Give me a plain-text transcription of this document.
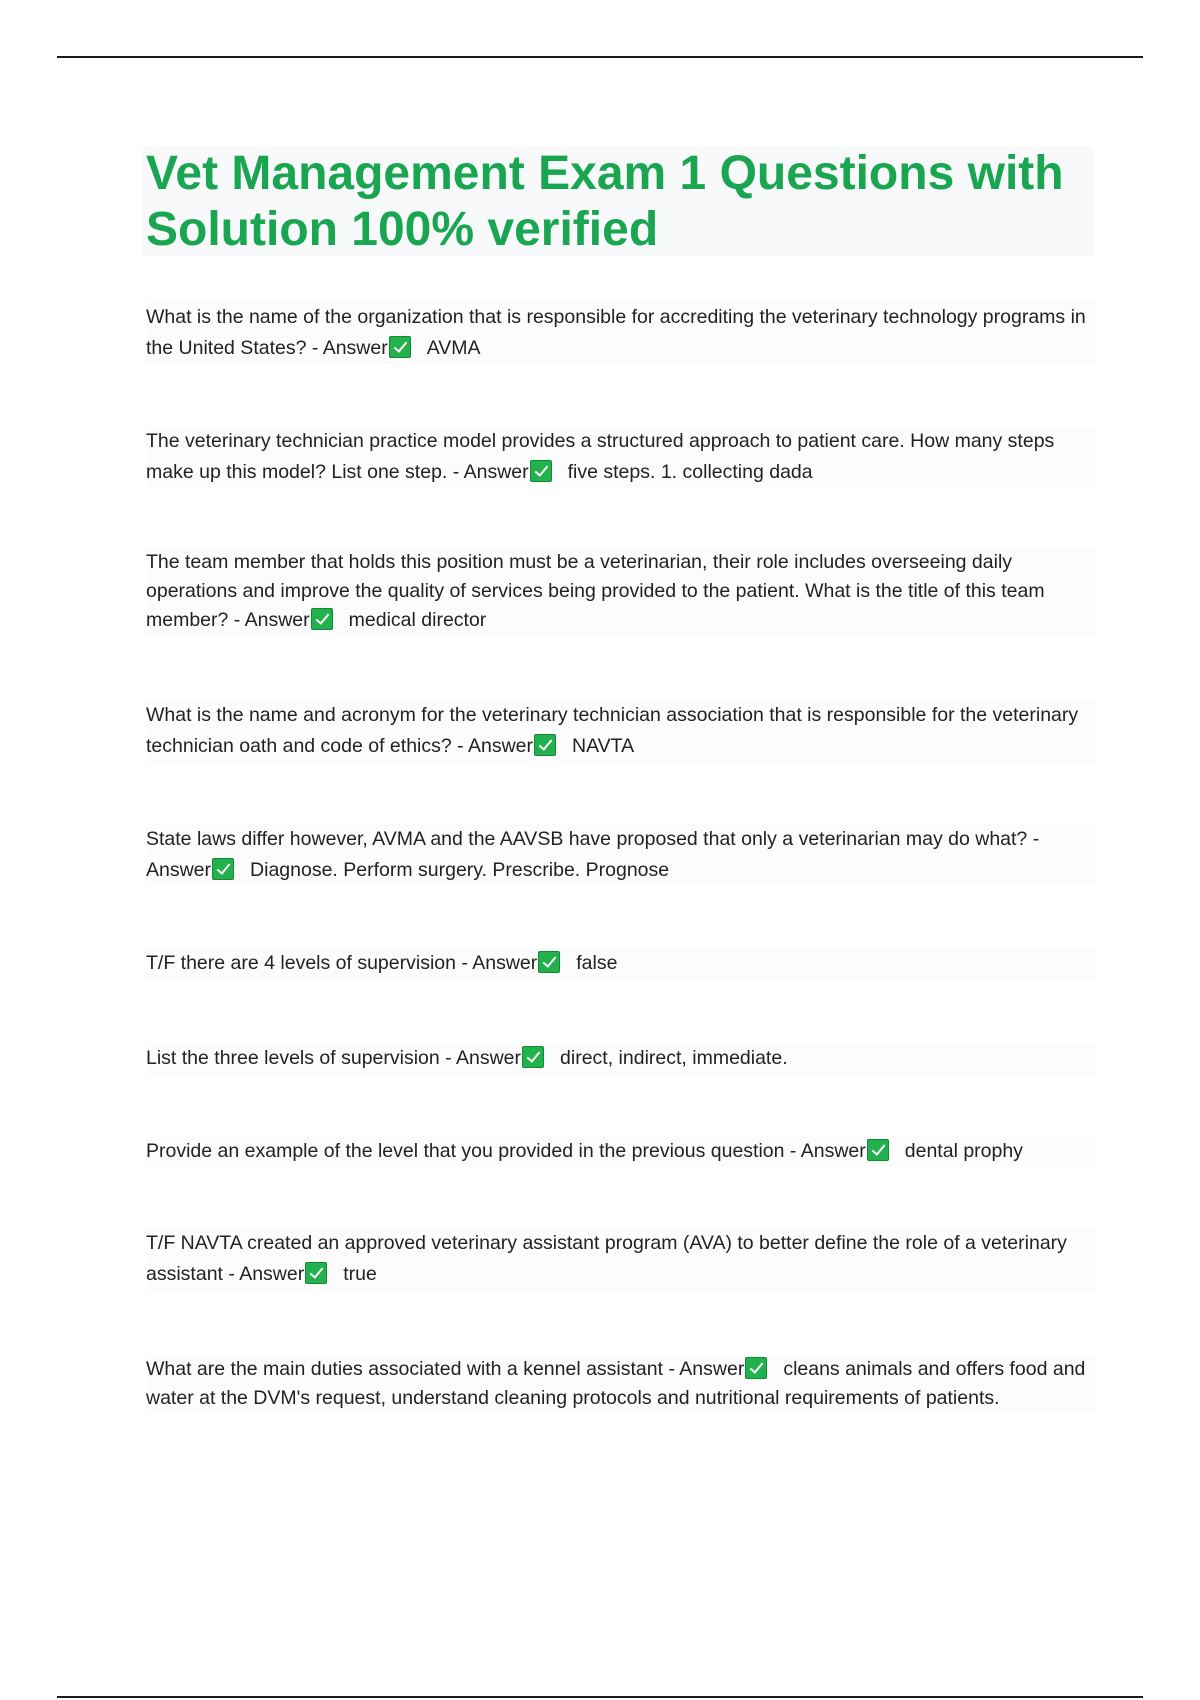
Vet Management Exam 1 Questions with Solution 100% verified
What is the name of the organization that is responsible for accrediting the veterinary technology programs in the United States? - Answer AVMA
The veterinary technician practice model provides a structured approach to patient care. How many steps make up this model? List one step. - Answer five steps. 1. collecting dada
The team member that holds this position must be a veterinarian, their role includes overseeing daily operations and improve the quality of services being provided to the patient. What is the title of this team member? - Answer medical director
What is the name and acronym for the veterinary technician association that is responsible for the veterinary technician oath and code of ethics? - Answer NAVTA
State laws differ however, AVMA and the AAVSB have proposed that only a veterinarian may do what? - Answer Diagnose. Perform surgery. Prescribe. Prognose
T/F there are 4 levels of supervision - Answer false
List the three levels of supervision - Answer direct, indirect, immediate.
Provide an example of the level that you provided in the previous question - Answer dental prophy
T/F NAVTA created an approved veterinary assistant program (AVA) to better define the role of a veterinary assistant - Answer true
What are the main duties associated with a kennel assistant - Answer cleans animals and offers food and water at the DVM's request, understand cleaning protocols and nutritional requirements of patients.
